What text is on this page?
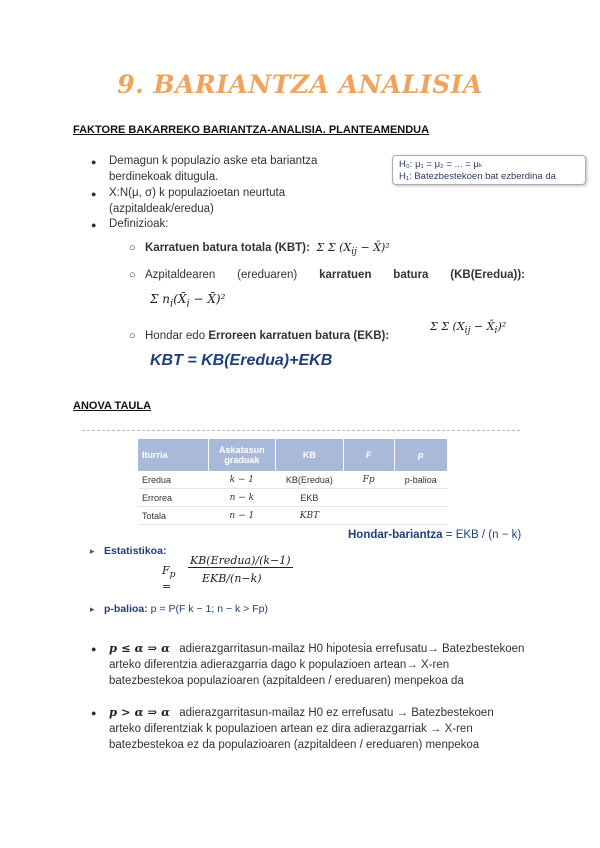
9. BARIANTZA ANALISIA
FAKTORE BAKARREKO BARIANTZA-ANALISIA. PLANTEAMENDUA
H₀: μ₁ = μ₂ = ... = μₖ
H₁: Batezbestekoen bat ezberdina da
● Demagun k populazio aske eta bariantza berdinekoak ditugula.
● X:N(μ, σ) k populazioetan neurtuta (azpitaldeak/eredua)
● Definizioak:
○ Karratuen batura totala (KBT):  Σ Σ ($X_{ij}$ − X̄)²
○ Azpitaldearen (ereduaren) karratuen batura (KB(Eredua)):
Σ $n_i(X̄_i$ − X̄)²
○ Hondar edo Erroreen karratuen batura (EKB):
Σ Σ ($X_{ij}$ − $X̄_i)^2$
KBT = KB(Eredua)+EKB
ANOVA TAULA
Iturria	Askatasun graduak	KB	F	p
Eredua	k − 1	KB(Eredua)	Fp	p-balioa
Errorea	n − k	EKB		
Totala	n − 1	KBT		
Hondar-bariantza = EKB / (n − k)
▸ Estatistikoa:
$F_p$ =
KB(Eredua)/(k−1)
EKB/(n−k)
▸ p-balioa: p = P(F k − 1; n − k > Fp)
● p ≤ α ⇒ α adierazgarritasun-mailaz H0 hipotesia errefusatu→ Batezbestekoen arteko diferentzia adierazgarria dago k populazioen artean→ X-ren batezbestekoa populazioaren (azpitaldeen / ereduaren) menpekoa da
● p > α ⇒ α adierazgarritasun-mailaz H0 ez errefusatu → Batezbestekoen arteko diferentziak k populazioen artean ez dira adierazgarriak → X-ren batezbestekoa ez da populazioaren (azpitaldeen / ereduaren) menpekoa
